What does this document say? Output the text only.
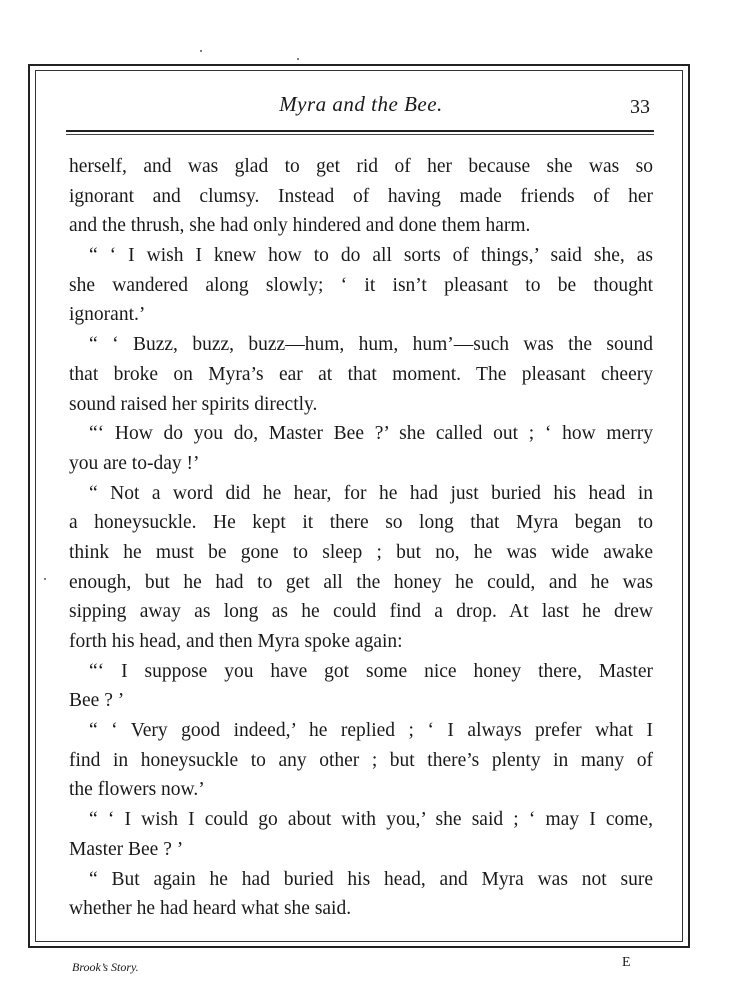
Myra and the Bee.	33
herself, and was glad to get rid of her because she was so
ignorant and clumsy. Instead of having made friends of her
and the thrush, she had only hindered and done them harm.
“ ‘ I wish I knew how to do all sorts of things,’ said she, as
she wandered along slowly; ‘ it isn’t pleasant to be thought
ignorant.’
“ ‘ Buzz, buzz, buzz—hum, hum, hum’—such was the sound
that broke on Myra’s ear at that moment. The pleasant cheery
sound raised her spirits directly.
“‘ How do you do, Master Bee ?’ she called out ; ‘ how merry
you are to-day !’
“ Not a word did he hear, for he had just buried his head in
a honeysuckle. He kept it there so long that Myra began to
think he must be gone to sleep ; but no, he was wide awake
enough, but he had to get all the honey he could, and he was
sipping away as long as he could find a drop. At last he drew
forth his head, and then Myra spoke again:
“‘ I suppose you have got some nice honey there, Master
Bee ? ’
“ ‘ Very good indeed,’ he replied ; ‘ I always prefer what I
find in honeysuckle to any other ; but there’s plenty in many of
the flowers now.’
“ ‘ I wish I could go about with you,’ she said ; ‘ may I come,
Master Bee ? ’
“ But again he had buried his head, and Myra was not sure
whether he had heard what she said.
Brook’s Story.	E
